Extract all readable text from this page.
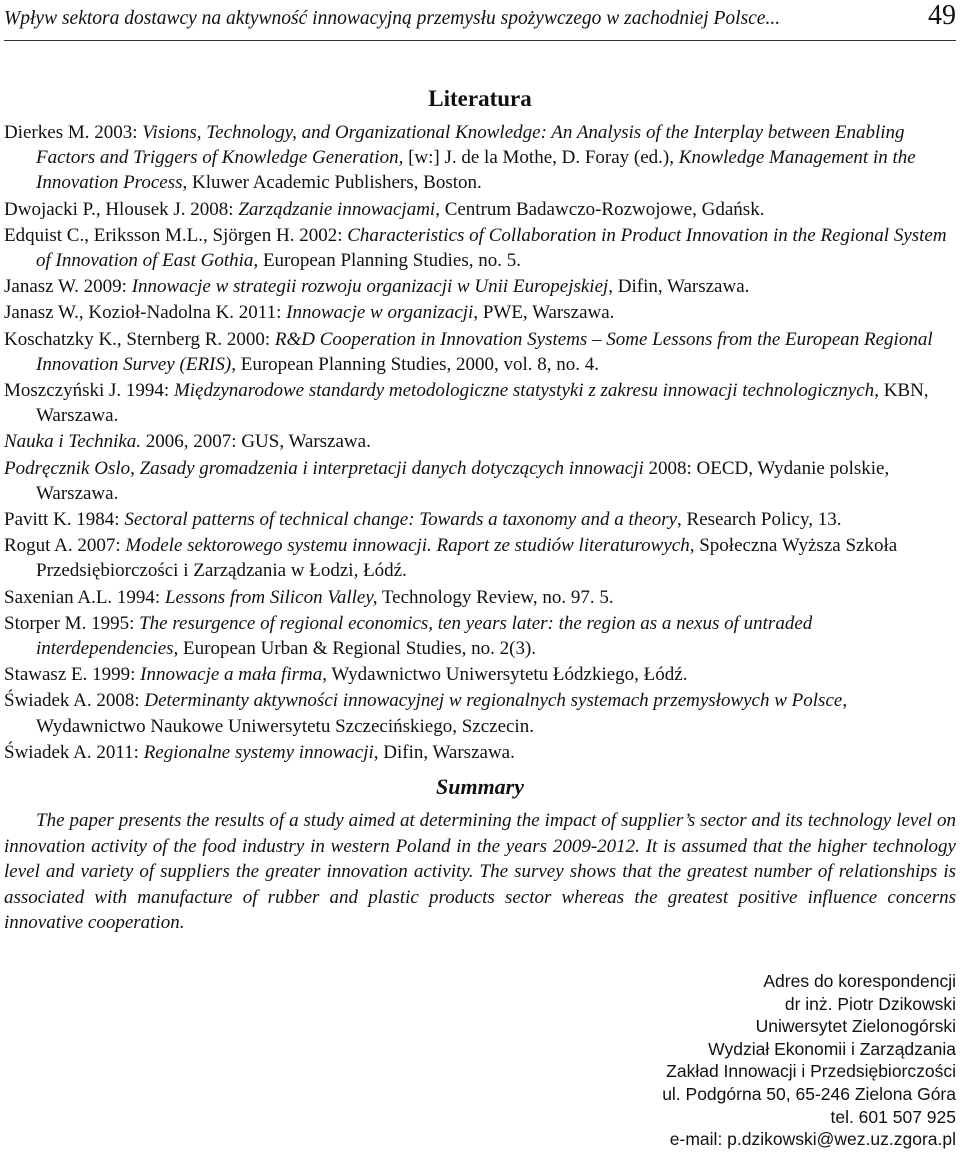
Wpływ sektora dostawcy na aktywność innowacyjną przemysłu spożywczego w zachodniej Polsce...	49
Literatura
Dierkes M. 2003: Visions, Technology, and Organizational Knowledge: An Analysis of the Interplay between Enabling Factors and Triggers of Knowledge Generation, [w:] J. de la Mothe, D. Foray (ed.), Knowledge Management in the Innovation Process, Kluwer Academic Publishers, Boston.
Dwojacki P., Hlousek J. 2008: Zarządzanie innowacjami, Centrum Badawczo-Rozwojowe, Gdańsk.
Edquist C., Eriksson M.L., Sjörgen H. 2002: Characteristics of Collaboration in Product Innovation in the Regional System of Innovation of East Gothia, European Planning Studies, no. 5.
Janasz W. 2009: Innowacje w strategii rozwoju organizacji w Unii Europejskiej, Difin, Warszawa.
Janasz W., Kozioł-Nadolna K. 2011: Innowacje w organizacji, PWE, Warszawa.
Koschatzky K., Sternberg R. 2000: R&D Cooperation in Innovation Systems – Some Lessons from the European Regional Innovation Survey (ERIS), European Planning Studies, 2000, vol. 8, no. 4.
Moszczyński J. 1994: Międzynarodowe standardy metodologiczne statystyki z zakresu innowacji technologicznych, KBN, Warszawa.
Nauka i Technika. 2006, 2007: GUS, Warszawa.
Podręcznik Oslo, Zasady gromadzenia i interpretacji danych dotyczących innowacji 2008: OECD, Wydanie polskie, Warszawa.
Pavitt K. 1984: Sectoral patterns of technical change: Towards a taxonomy and a theory, Research Policy, 13.
Rogut A. 2007: Modele sektorowego systemu innowacji. Raport ze studiów literaturowych, Społeczna Wyższa Szkoła Przedsiębiorczości i Zarządzania w Łodzi, Łódź.
Saxenian A.L. 1994: Lessons from Silicon Valley, Technology Review, no. 97. 5.
Storper M. 1995: The resurgence of regional economics, ten years later: the region as a nexus of untraded interdependencies, European Urban & Regional Studies, no. 2(3).
Stawasz E. 1999: Innowacje a mała firma, Wydawnictwo Uniwersytetu Łódzkiego, Łódź.
Świadek A. 2008: Determinanty aktywności innowacyjnej w regionalnych systemach przemysłowych w Polsce, Wydawnictwo Naukowe Uniwersytetu Szczecińskiego, Szczecin.
Świadek A. 2011: Regionalne systemy innowacji, Difin, Warszawa.
Summary
The paper presents the results of a study aimed at determining the impact of supplier’s sector and its technology level on innovation activity of the food industry in western Poland in the years 2009-2012. It is assumed that the higher technology level and variety of suppliers the greater innovation activity. The survey shows that the greatest number of relationships is associated with manufacture of rubber and plastic products sector whereas the greatest positive influence concerns innovative cooperation.
Adres do korespondencji
dr inż. Piotr Dzikowski
Uniwersytet Zielonogórski
Wydział Ekonomii i Zarządzania
Zakład Innowacji i Przedsiębiorczości
ul. Podgórna 50, 65-246 Zielona Góra
tel. 601 507 925
e-mail: p.dzikowski@wez.uz.zgora.pl
